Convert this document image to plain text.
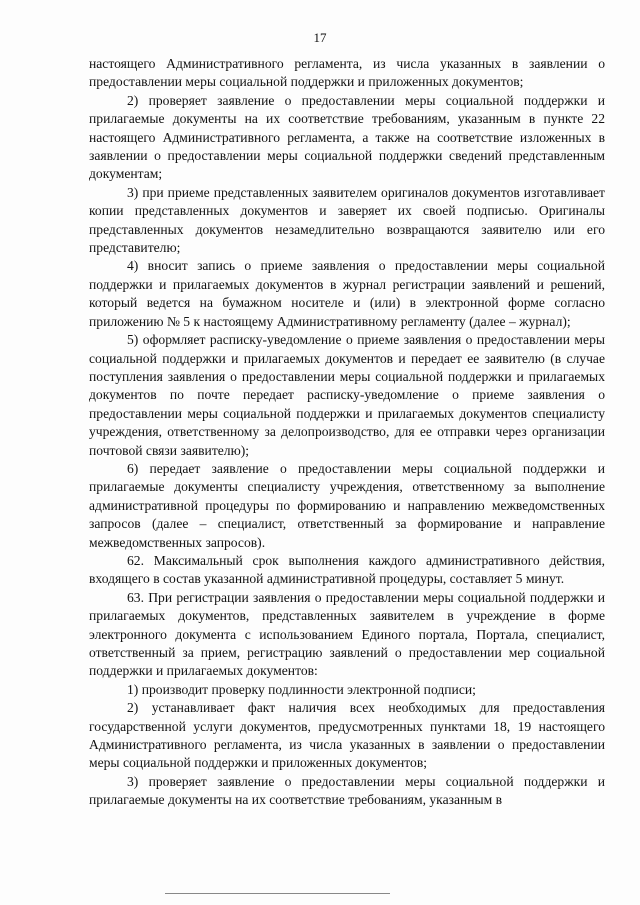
17

настоящего Административного регламента, из числа указанных в заявлении о предоставлении меры социальной поддержки и приложенных документов;

2) проверяет заявление о предоставлении меры социальной поддержки и прилагаемые документы на их соответствие требованиям, указанным в пункте 22 настоящего Административного регламента, а также на соответствие изложенных в заявлении о предоставлении меры социальной поддержки сведений представленным документам;

3) при приеме представленных заявителем оригиналов документов изготавливает копии представленных документов и заверяет их своей подписью. Оригиналы представленных документов незамедлительно возвращаются заявителю или его представителю;

4) вносит запись о приеме заявления о предоставлении меры социальной поддержки и прилагаемых документов в журнал регистрации заявлений и решений, который ведется на бумажном носителе и (или) в электронной форме согласно приложению № 5 к настоящему Административному регламенту (далее – журнал);

5) оформляет расписку-уведомление о приеме заявления о предоставлении меры социальной поддержки и прилагаемых документов и передает ее заявителю (в случае поступления заявления о предоставлении меры социальной поддержки и прилагаемых документов по почте передает расписку-уведомление о приеме заявления о предоставлении меры социальной поддержки и прилагаемых документов специалисту учреждения, ответственному за делопроизводство, для ее отправки через организации почтовой связи заявителю);

6) передает заявление о предоставлении меры социальной поддержки и прилагаемые документы специалисту учреждения, ответственному за выполнение административной процедуры по формированию и направлению межведомственных запросов (далее – специалист, ответственный за формирование и направление межведомственных запросов).

62. Максимальный срок выполнения каждого административного действия, входящего в состав указанной административной процедуры, составляет 5 минут.

63. При регистрации заявления о предоставлении меры социальной поддержки и прилагаемых документов, представленных заявителем в учреждение в форме электронного документа с использованием Единого портала, Портала, специалист, ответственный за прием, регистрацию заявлений о предоставлении мер социальной поддержки и прилагаемых документов:

1) производит проверку подлинности электронной подписи;

2) устанавливает факт наличия всех необходимых для предоставления государственной услуги документов, предусмотренных пунктами 18, 19 настоящего Административного регламента, из числа указанных в заявлении о предоставлении меры социальной поддержки и приложенных документов;

3) проверяет заявление о предоставлении меры социальной поддержки и прилагаемые документы на их соответствие требованиям, указанным в
